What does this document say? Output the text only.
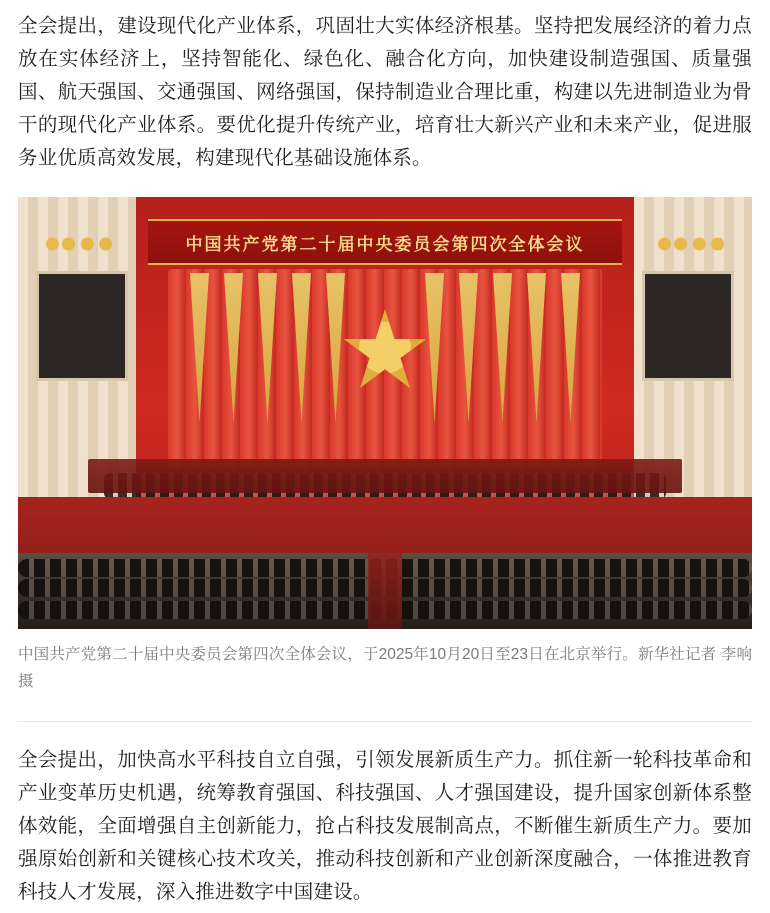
全会提出，建设现代化产业体系，巩固壮大实体经济根基。坚持把发展经济的着力点放在实体经济上，坚持智能化、绿色化、融合化方向，加快建设制造强国、质量强国、航天强国、交通强国、网络强国，保持制造业合理比重，构建以先进制造业为骨干的现代化产业体系。要优化提升传统产业，培育壮大新兴产业和未来产业，促进服务业优质高效发展，构建现代化基础设施体系。

中国共产党第二十届中央委员会第四次全体会议
中国共产党第二十届中央委员会第四次全体会议，于2025年10月20日至23日在北京举行。新华社记者 李响 摄

全会提出，加快高水平科技自立自强，引领发展新质生产力。抓住新一轮科技革命和产业变革历史机遇，统筹教育强国、科技强国、人才强国建设，提升国家创新体系整体效能，全面增强自主创新能力，抢占科技发展制高点，不断催生新质生产力。要加强原始创新和关键核心技术攻关，推动科技创新和产业创新深度融合，一体推进教育科技人才发展，深入推进数字中国建设。
